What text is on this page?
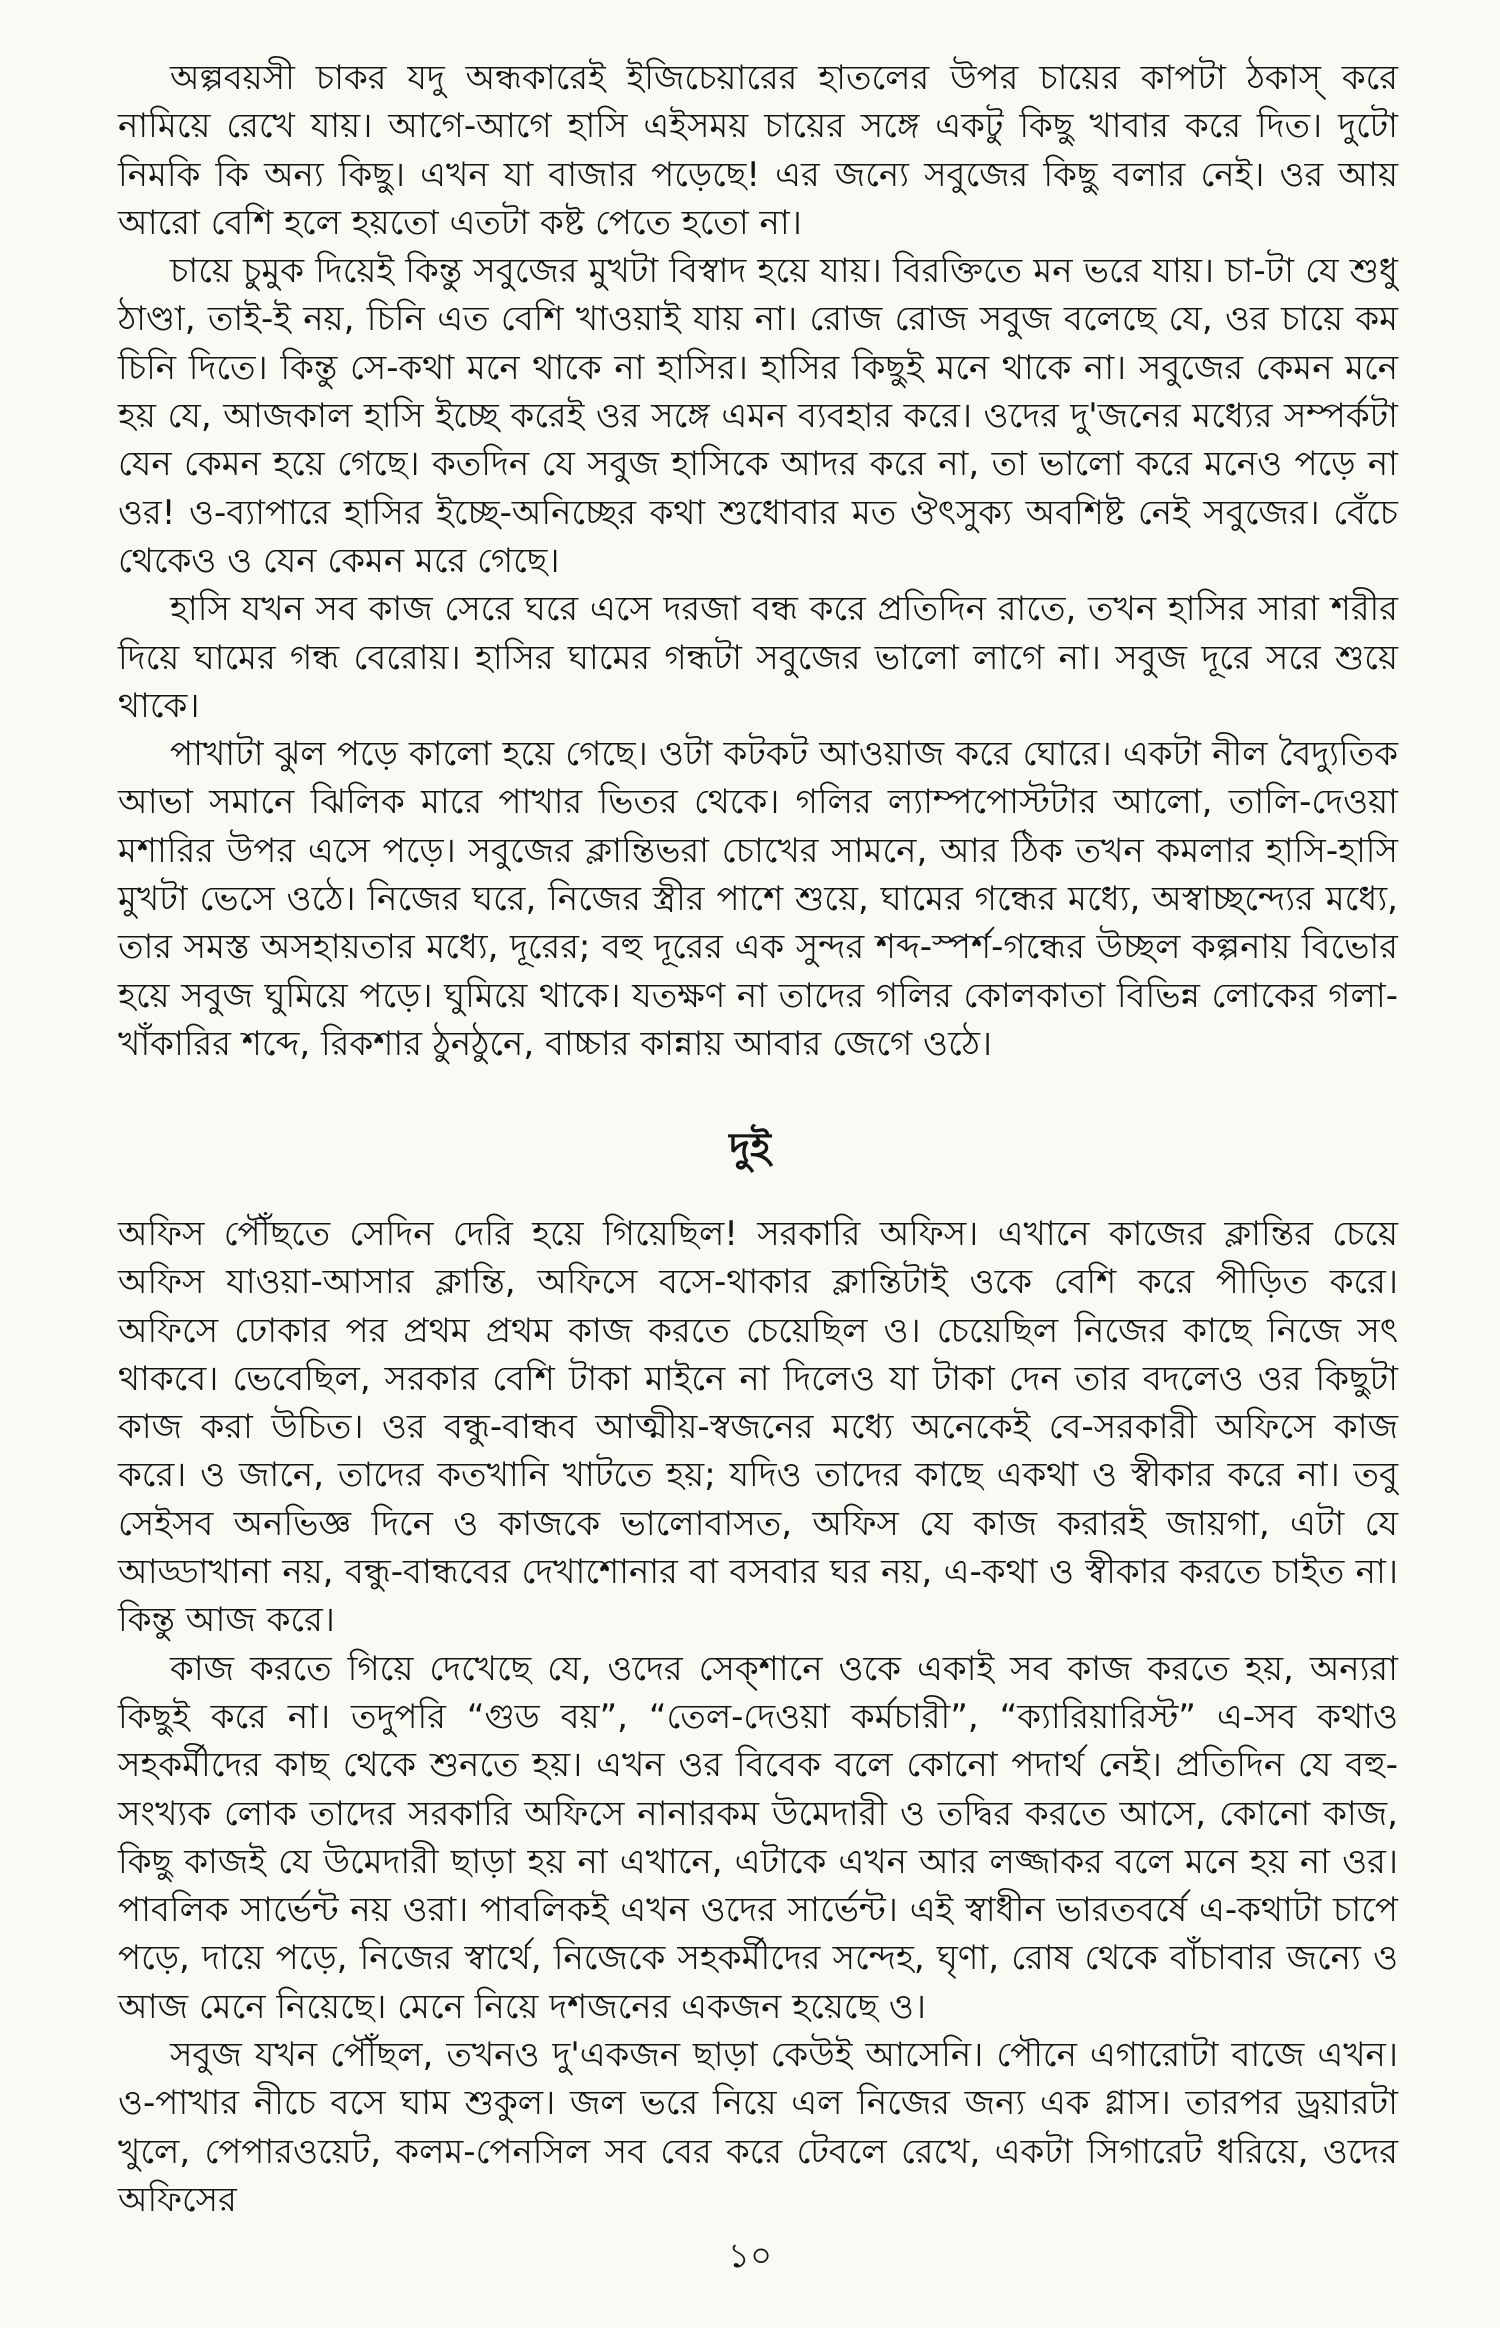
অল্পবয়সী চাকর যদু অন্ধকারেই ইজিচেয়ারের হাতলের উপর চায়ের কাপটা ঠকাস্ করে নামিয়ে রেখে যায়। আগে-আগে হাসি এইসময় চায়ের সঙ্গে একটু কিছু খাবার করে দিত। দুটো নিমকি কি অন্য কিছু। এখন যা বাজার পড়েছে! এর জন্যে সবুজের কিছু বলার নেই। ওর আয় আরো বেশি হলে হয়তো এতটা কষ্ট পেতে হতো না।

চায়ে চুমুক দিয়েই কিন্তু সবুজের মুখটা বিস্বাদ হয়ে যায়। বিরক্তিতে মন ভরে যায়। চা-টা যে শুধু ঠাণ্ডা, তাই-ই নয়, চিনি এত বেশি খাওয়াই যায় না। রোজ রোজ সবুজ বলেছে যে, ওর চায়ে কম চিনি দিতে। কিন্তু সে-কথা মনে থাকে না হাসির। হাসির কিছুই মনে থাকে না। সবুজের কেমন মনে হয় যে, আজকাল হাসি ইচ্ছে করেই ওর সঙ্গে এমন ব্যবহার করে। ওদের দু'জনের মধ্যের সম্পর্কটা যেন কেমন হয়ে গেছে। কতদিন যে সবুজ হাসিকে আদর করে না, তা ভালো করে মনেও পড়ে না ওর! ও-ব্যাপারে হাসির ইচ্ছে-অনিচ্ছের কথা শুধোবার মত ঔৎসুক্য অবশিষ্ট নেই সবুজের। বেঁচে থেকেও ও যেন কেমন মরে গেছে।

হাসি যখন সব কাজ সেরে ঘরে এসে দরজা বন্ধ করে প্রতিদিন রাতে, তখন হাসির সারা শরীর দিয়ে ঘামের গন্ধ বেরোয়। হাসির ঘামের গন্ধটা সবুজের ভালো লাগে না। সবুজ দূরে সরে শুয়ে থাকে।

পাখাটা ঝুল পড়ে কালো হয়ে গেছে। ওটা কটকট আওয়াজ করে ঘোরে। একটা নীল বৈদ্যুতিক আভা সমানে ঝিলিক মারে পাখার ভিতর থেকে। গলির ল্যাম্পপোস্টটার আলো, তালি-দেওয়া মশারির উপর এসে পড়ে। সবুজের ক্লান্তিভরা চোখের সামনে, আর ঠিক তখন কমলার হাসি-হাসি মুখটা ভেসে ওঠে। নিজের ঘরে, নিজের স্ত্রীর পাশে শুয়ে, ঘামের গন্ধের মধ্যে, অস্বাচ্ছন্দ্যের মধ্যে, তার সমস্ত অসহায়তার মধ্যে, দূরের; বহু দূরের এক সুন্দর শব্দ-স্পর্শ-গন্ধের উচ্ছল কল্পনায় বিভোর হয়ে সবুজ ঘুমিয়ে পড়ে। ঘুমিয়ে থাকে। যতক্ষণ না তাদের গলির কোলকাতা বিভিন্ন লোকের গলা-খাঁকারির শব্দে, রিকশার ঠুনঠুনে, বাচ্চার কান্নায় আবার জেগে ওঠে।

দুই

অফিস পৌঁছতে সেদিন দেরি হয়ে গিয়েছিল! সরকারি অফিস। এখানে কাজের ক্লান্তির চেয়ে অফিস যাওয়া-আসার ক্লান্তি, অফিসে বসে-থাকার ক্লান্তিটাই ওকে বেশি করে পীড়িত করে। অফিসে ঢোকার পর প্রথম প্রথম কাজ করতে চেয়েছিল ও। চেয়েছিল নিজের কাছে নিজে সৎ থাকবে। ভেবেছিল, সরকার বেশি টাকা মাইনে না দিলেও যা টাকা দেন তার বদলেও ওর কিছুটা কাজ করা উচিত। ওর বন্ধু-বান্ধব আত্মীয়-স্বজনের মধ্যে অনেকেই বে-সরকারী অফিসে কাজ করে। ও জানে, তাদের কতখানি খাটতে হয়; যদিও তাদের কাছে একথা ও স্বীকার করে না। তবু সেইসব অনভিজ্ঞ দিনে ও কাজকে ভালোবাসত, অফিস যে কাজ করারই জায়গা, এটা যে আড্ডাখানা নয়, বন্ধু-বান্ধবের দেখাশোনার বা বসবার ঘর নয়, এ-কথা ও স্বীকার করতে চাইত না। কিন্তু আজ করে।

কাজ করতে গিয়ে দেখেছে যে, ওদের সেক্‌শানে ওকে একাই সব কাজ করতে হয়, অন্যরা কিছুই করে না। তদুপরি “গুড বয়”, “তেল-দেওয়া কর্মচারী”, “ক্যারিয়ারিস্ট” এ-সব কথাও সহকর্মীদের কাছ থেকে শুনতে হয়। এখন ওর বিবেক বলে কোনো পদার্থ নেই। প্রতিদিন যে বহু-সংখ্যক লোক তাদের সরকারি অফিসে নানারকম উমেদারী ও তদ্বির করতে আসে, কোনো কাজ, কিছু কাজই যে উমেদারী ছাড়া হয় না এখানে, এটাকে এখন আর লজ্জাকর বলে মনে হয় না ওর। পাবলিক সার্ভেন্ট নয় ওরা। পাবলিকই এখন ওদের সার্ভেন্ট। এই স্বাধীন ভারতবর্ষে এ-কথাটা চাপে পড়ে, দায়ে পড়ে, নিজের স্বার্থে, নিজেকে সহকর্মীদের সন্দেহ, ঘৃণা, রোষ থেকে বাঁচাবার জন্যে ও আজ মেনে নিয়েছে। মেনে নিয়ে দশজনের একজন হয়েছে ও।

সবুজ যখন পৌঁছল, তখনও দু'একজন ছাড়া কেউই আসেনি। পৌনে এগারোটা বাজে এখন। ও-পাখার নীচে বসে ঘাম শুকুল। জল ভরে নিয়ে এল নিজের জন্য এক গ্লাস। তারপর ড্রয়ারটা খুলে, পেপারওয়েট, কলম-পেনসিল সব বের করে টেবলে রেখে, একটা সিগারেট ধরিয়ে, ওদের অফিসের

১০
